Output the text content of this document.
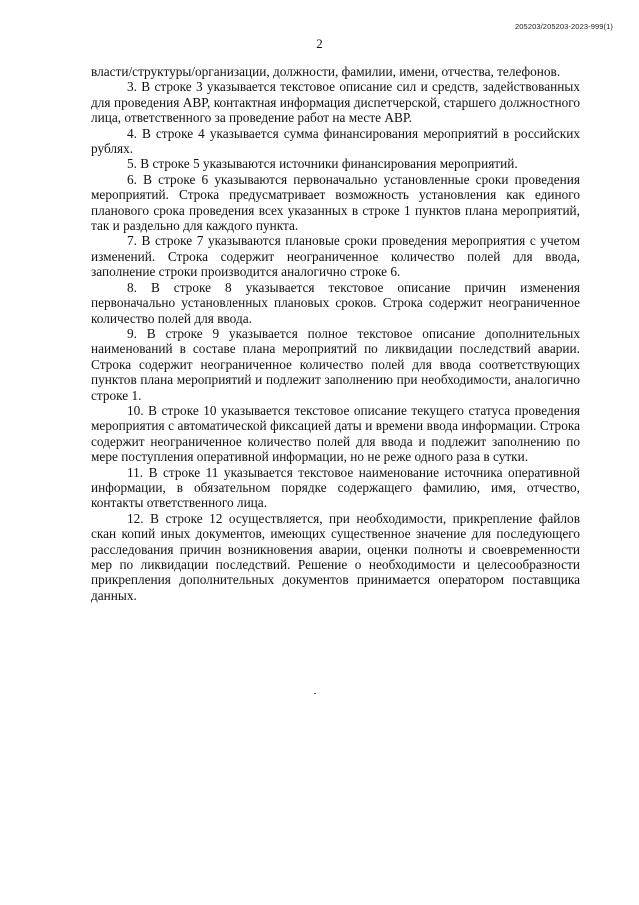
205203/205203-2023-999(1)
2

власти/структуры/организации, должности, фамилии, имени, отчества, телефонов.

3. В строке 3 указывается текстовое описание сил и средств, задействованных для проведения АВР, контактная информация диспетчерской, старшего должностного лица, ответственного за проведение работ на месте АВР.

4. В строке 4 указывается сумма финансирования мероприятий в российских рублях.

5. В строке 5 указываются источники финансирования мероприятий.

6. В строке 6 указываются первоначально установленные сроки проведения мероприятий. Строка предусматривает возможность установления как единого планового срока проведения всех указанных в строке 1 пунктов плана мероприятий, так и раздельно для каждого пункта.

7. В строке 7 указываются плановые сроки проведения мероприятия с учетом изменений. Строка содержит неограниченное количество полей для ввода, заполнение строки производится аналогично строке 6.

8. В строке 8 указывается текстовое описание причин изменения первоначально установленных плановых сроков. Строка содержит неограниченное количество полей для ввода.

9. В строке 9 указывается полное текстовое описание дополнительных наименований в составе плана мероприятий по ликвидации последствий аварии. Строка содержит неограниченное количество полей для ввода соответствующих пунктов плана мероприятий и подлежит заполнению при необходимости, аналогично строке 1.

10. В строке 10 указывается текстовое описание текущего статуса проведения мероприятия с автоматической фиксацией даты и времени ввода информации. Строка содержит неограниченное количество полей для ввода и подлежит заполнению по мере поступления оперативной информации, но не реже одного раза в сутки.

11. В строке 11 указывается текстовое наименование источника оперативной информации, в обязательном порядке содержащего фамилию, имя, отчество, контакты ответственного лица.

12. В строке 12 осуществляется, при необходимости, прикрепление файлов скан копий иных документов, имеющих существенное значение для последующего расследования причин возникновения аварии, оценки полноты и своевременности мер по ликвидации последствий. Решение о необходимости и целесообразности прикрепления дополнительных документов принимается оператором поставщика данных.
